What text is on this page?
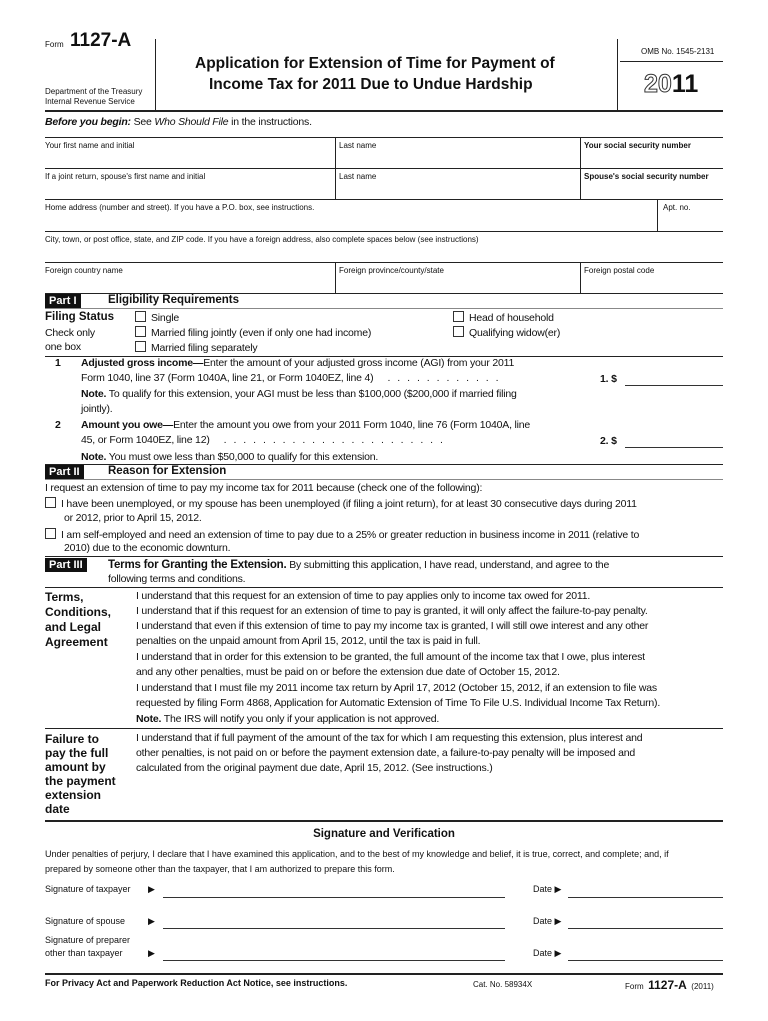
Form 1127-A
Department of the Treasury
Internal Revenue Service
Application for Extension of Time for Payment of
Income Tax for 2011 Due to Undue Hardship
OMB No. 1545-2131
2011
Before you begin: See Who Should File in the instructions.
Your first name and initial	Last name	Your social security number
If a joint return, spouse's first name and initial	Last name	Spouse's social security number
Home address (number and street). If you have a P.O. box, see instructions.	Apt. no.
City, town, or post office, state, and ZIP code. If you have a foreign address, also complete spaces below (see instructions)
Foreign country name	Foreign province/county/state	Foreign postal code
Part I	Eligibility Requirements
Filing Status
Check only
one box
Single
Married filing jointly (even if only one had income)
Married filing separately
Head of household
Qualifying widow(er)
1 Adjusted gross income—Enter the amount of your adjusted gross income (AGI) from your 2011
Form 1040, line 37 (Form 1040A, line 21, or Form 1040EZ, line 4) . . . . . . . . . . . .	1. $
Note. To qualify for this extension, your AGI must be less than $100,000 ($200,000 if married filing
jointly).
2 Amount you owe—Enter the amount you owe from your 2011 Form 1040, line 76 (Form 1040A, line
45, or Form 1040EZ, line 12) . . . . . . . . . . . . . . . . . . . . . . .	2. $
Note. You must owe less than $50,000 to qualify for this extension.
Part II	Reason for Extension
I request an extension of time to pay my income tax for 2011 because (check one of the following):
I have been unemployed, or my spouse has been unemployed (if filing a joint return), for at least 30 consecutive days during 2011
or 2012, prior to April 15, 2012.
I am self-employed and need an extension of time to pay due to a 25% or greater reduction in business income in 2011 (relative to
2010) due to the economic downturn.
Part III	Terms for Granting the Extension. By submitting this application, I have read, understand, and agree to the
following terms and conditions.
Terms,
Conditions,
and Legal
Agreement
I understand that this request for an extension of time to pay applies only to income tax owed for 2011.
I understand that if this request for an extension of time to pay is granted, it will only affect the failure-to-pay penalty.
I understand that even if this extension of time to pay my income tax is granted, I will still owe interest and any other
penalties on the unpaid amount from April 15, 2012, until the tax is paid in full.
I understand that in order for this extension to be granted, the full amount of the income tax that I owe, plus interest
and any other penalties, must be paid on or before the extension due date of October 15, 2012.
I understand that I must file my 2011 income tax return by April 17, 2012 (October 15, 2012, if an extension to file was
requested by filing Form 4868, Application for Automatic Extension of Time To File U.S. Individual Income Tax Return).
Note. The IRS will notify you only if your application is not approved.
Failure to
pay the full
amount by
the payment
extension
date
I understand that if full payment of the amount of the tax for which I am requesting this extension, plus interest and
other penalties, is not paid on or before the payment extension date, a failure-to-pay penalty will be imposed and
calculated from the original payment due date, April 15, 2012. (See instructions.)
Signature and Verification
Under penalties of perjury, I declare that I have examined this application, and to the best of my knowledge and belief, it is true, correct, and complete; and, if
prepared by someone other than the taxpayer, that I am authorized to prepare this form.
Signature of taxpayer ▶	Date ▶
Signature of spouse	▶	Date ▶
Signature of preparer
other than taxpayer	▶	Date ▶
For Privacy Act and Paperwork Reduction Act Notice, see instructions.	Cat. No. 58934X	Form 1127-A (2011)
